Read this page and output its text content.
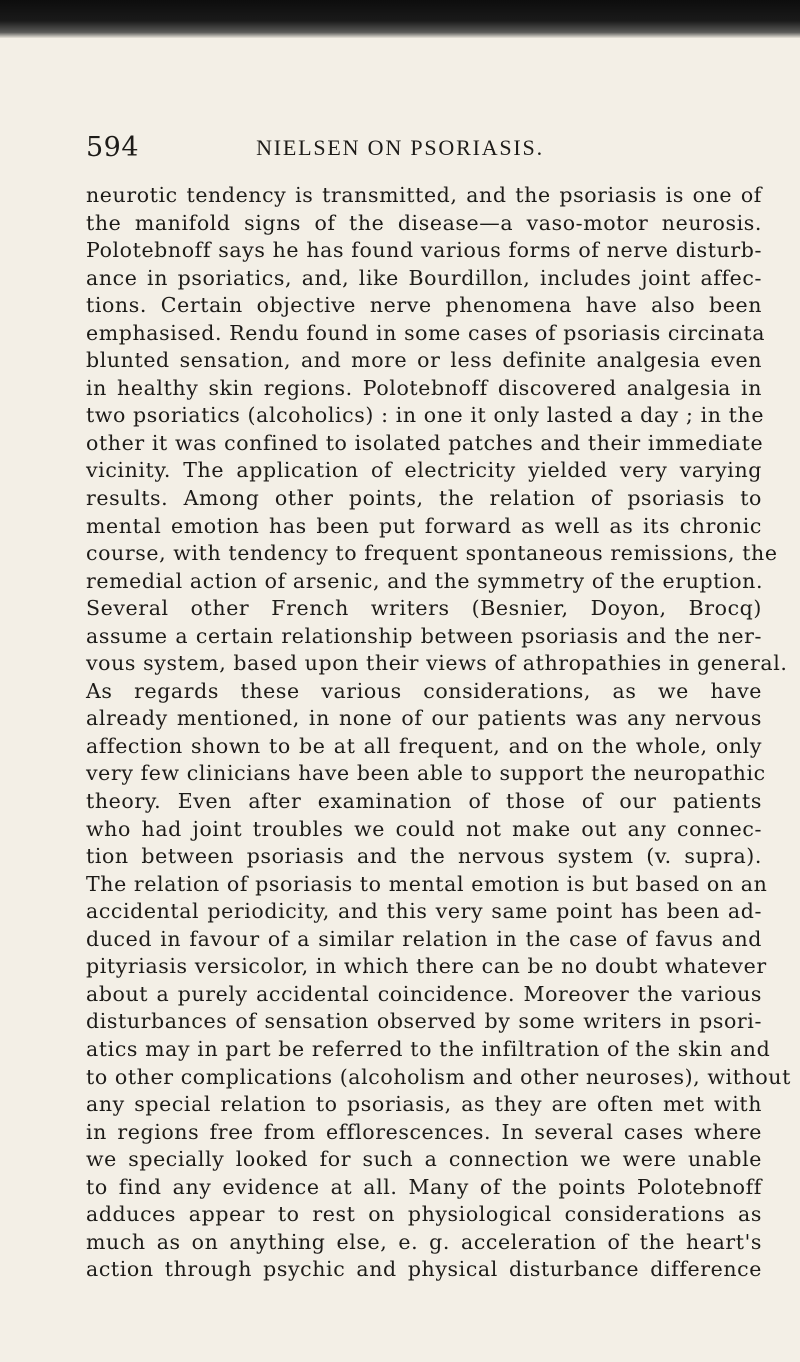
594	NIELSEN ON PSORIASIS.
neurotic tendency is transmitted, and the psoriasis is one of
the manifold signs of the disease—a vaso-motor neurosis.
Polotebnoff says he has found various forms of nerve disturb-
ance in psoriatics, and, like Bourdillon, includes joint affec-
tions. Certain objective nerve phenomena have also been
emphasised. Rendu found in some cases of psoriasis circinata
blunted sensation, and more or less definite analgesia even
in healthy skin regions. Polotebnoff discovered analgesia in
two psoriatics (alcoholics) : in one it only lasted a day ; in the
other it was confined to isolated patches and their immediate
vicinity. The application of electricity yielded very varying
results. Among other points, the relation of psoriasis to
mental emotion has been put forward as well as its chronic
course, with tendency to frequent spontaneous remissions, the
remedial action of arsenic, and the symmetry of the eruption.
Several other French writers (Besnier, Doyon, Brocq)
assume a certain relationship between psoriasis and the ner-
vous system, based upon their views of athropathies in general.
As regards these various considerations, as we have
already mentioned, in none of our patients was any nervous
affection shown to be at all frequent, and on the whole, only
very few clinicians have been able to support the neuropathic
theory. Even after examination of those of our patients
who had joint troubles we could not make out any connec-
tion between psoriasis and the nervous system (v. supra).
The relation of psoriasis to mental emotion is but based on an
accidental periodicity, and this very same point has been ad-
duced in favour of a similar relation in the case of favus and
pityriasis versicolor, in which there can be no doubt whatever
about a purely accidental coincidence. Moreover the various
disturbances of sensation observed by some writers in psori-
atics may in part be referred to the infiltration of the skin and
to other complications (alcoholism and other neuroses), without
any special relation to psoriasis, as they are often met with
in regions free from efflorescences. In several cases where
we specially looked for such a connection we were unable
to find any evidence at all. Many of the points Polotebnoff
adduces appear to rest on physiological considerations as
much as on anything else, e. g. acceleration of the heart's
action through psychic and physical disturbance difference
